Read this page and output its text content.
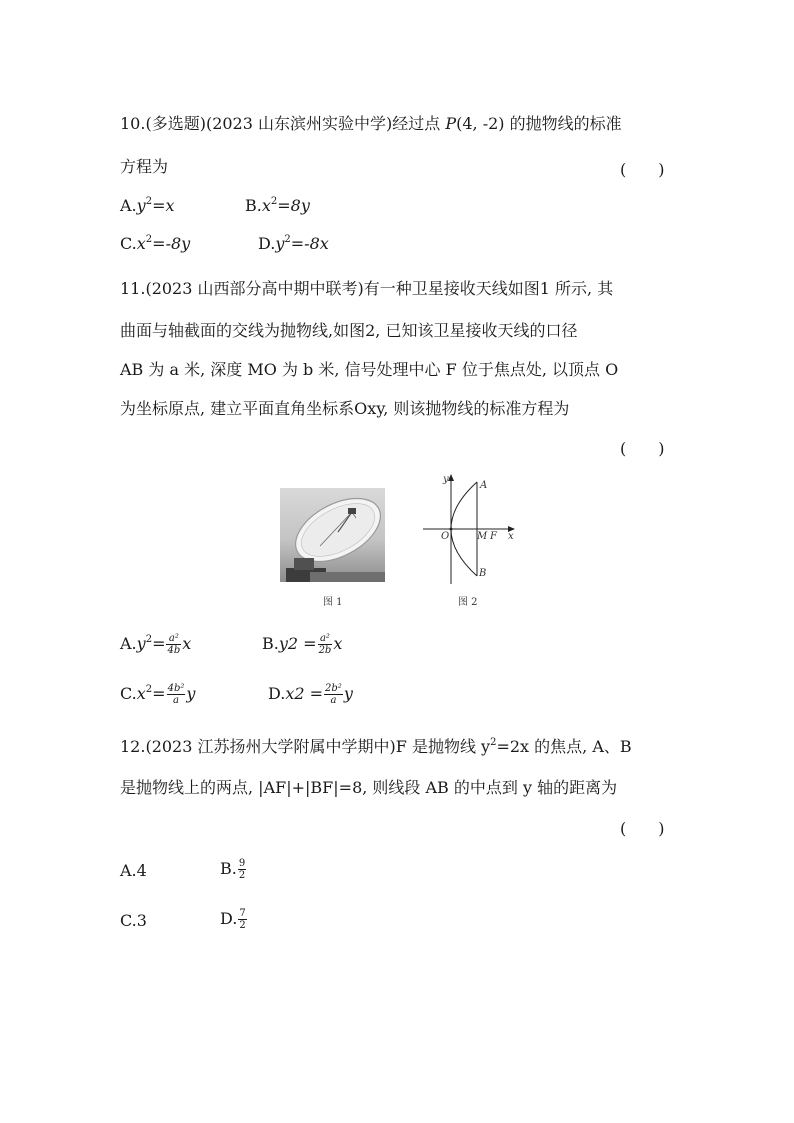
10.(多选题)(2023 山东滨州实验中学)经过点 P(4, -2) 的抛物线的标准
方程为	(　　)
$A.y^2=x$	$B.x^2=8y$
$C.x^2=-8y$	$D.y^2=-8x$
11.(2023 山西部分高中期中联考)有一种卫星接收天线如图1 所示, 其
曲面与轴截面的交线为抛物线,如图2, 已知该卫星接收天线的口径
AB 为 a 米, 深度 MO 为 b 米, 信号处理中心 F 位于焦点处, 以顶点 O
为坐标原点, 建立平面直角坐标系Oxy, 则该抛物线的标准方程为
(　　)
图 1
y
A
O	M F x
B
图 2
$A.y^2= \frac{\text{a²}}{4b}$ x	$B.y2 = \frac{\text{a²}}{2b}$ x
$C.x^2= \frac{\text{4b²}}{a}$ y	$D.x2 = \frac{\text{2b²}}{a}$ y
12.(2023 江苏扬州大学附属中学期中)F 是抛物线 $y^2=2x$ 的焦点, A、B
是抛物线上的两点, |AF|+|BF|=8, 则线段 AB 的中点到 y 轴的距离为
(　　)
A.4	B. $\frac{9}{2}$
C.3	D. $\frac{7}{2}$
